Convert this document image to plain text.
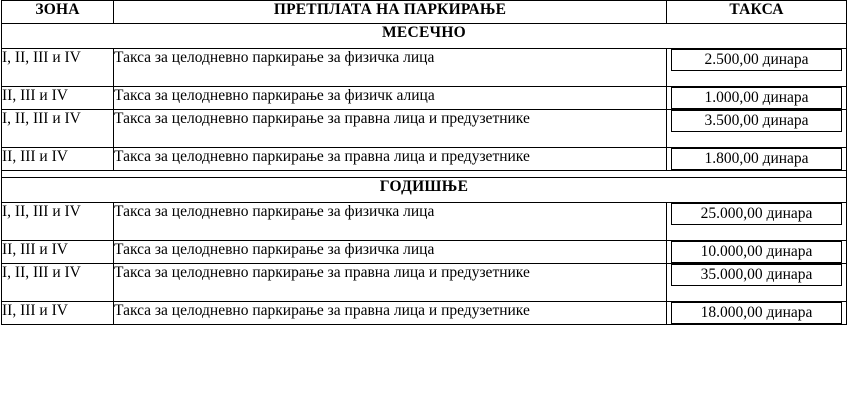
ЗОНА	ПРЕТПЛАТА НА ПАРКИРАЊЕ	ТАКСА
МЕСЕЧНО		
I, II, III и IV	Такса за целодневно паркирање за физичка лица	2.500,00 динара

II, III и IV	Такса за целодневно паркирање за физичк алица	1.000,00 динара

I, II, III и IV	Такса за целодневно паркирање за правна лица и предузетнике	3.500,00 динара

II, III и IV	Такса за целодневно паркирање за правна лица и предузетнике	1.800,00 динара

ГОДИШЊЕ		
I, II, III и IV	Такса за целодневно паркирање за физичка лица	25.000,00 динара

II, III и IV	Такса за целодневно паркирање за физичка лица	10.000,00 динара

I, II, III и IV	Такса за целодневно паркирање за правна лица и предузетнике	35.000,00 динара

II, III и IV	Такса за целодневно паркирање за правна лица и предузетнике	18.000,00 динара
